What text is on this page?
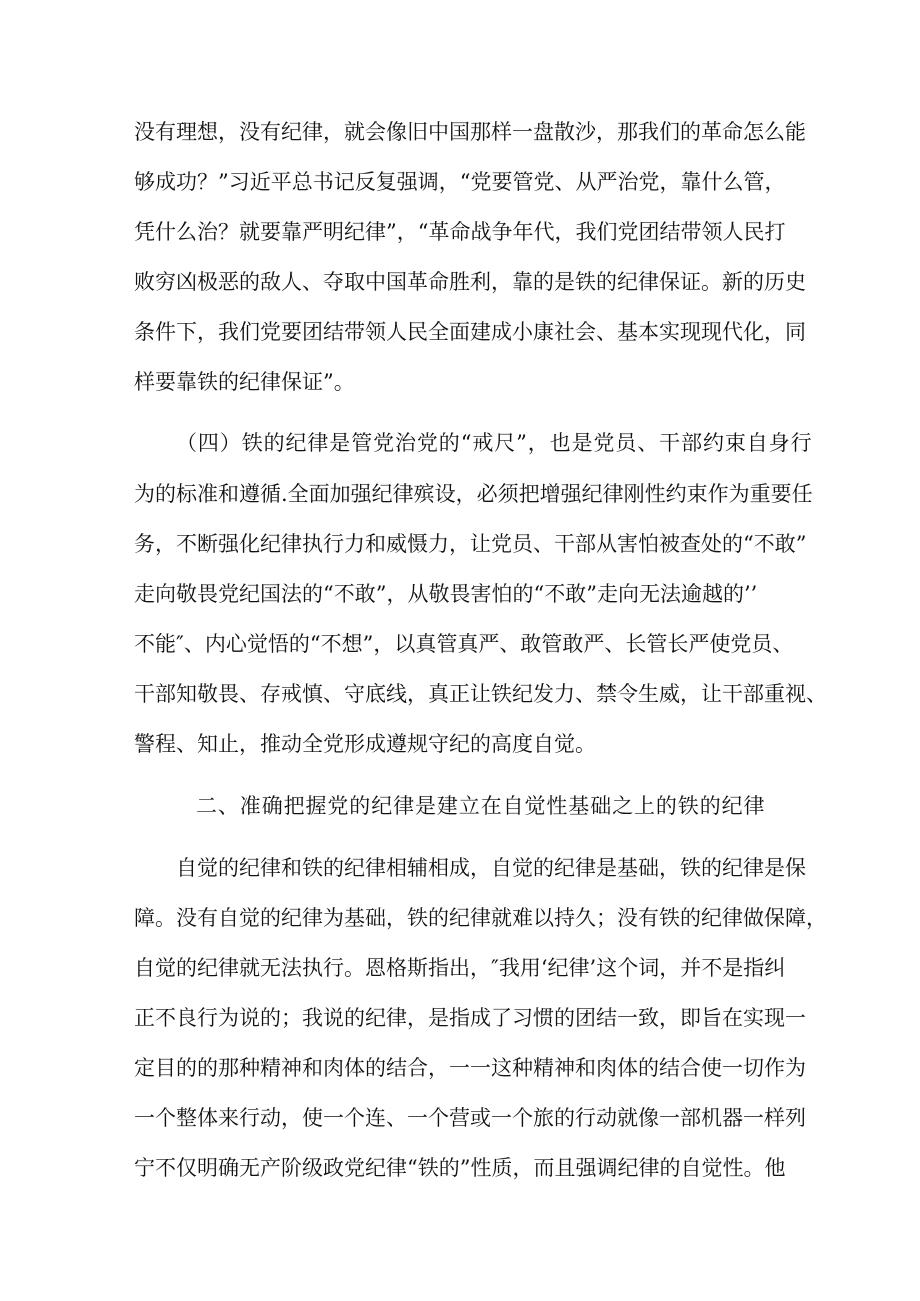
没有理想，没有纪律，就会像旧中国那样一盘散沙，那我们的革命怎么能
够成功？”习近平总书记反复强调，“党要管党、从严治党，靠什么管，
凭什么治？就要靠严明纪律”，“革命战争年代，我们党团结带领人民打
败穷凶极恶的敌人、夺取中国革命胜利，靠的是铁的纪律保证。新的历史
条件下，我们党要团结带领人民全面建成小康社会、基本实现现代化，同
样要靠铁的纪律保证”。
（四）铁的纪律是管党治党的“戒尺”，也是党员、干部约束自身行
为的标准和遵循.全面加强纪律殡设，必须把增强纪律刚性约束作为重要任
务，不断强化纪律执行力和威慑力，让党员、干部从害怕被查处的“不敢”
走向敬畏党纪国法的“不敢”，从敬畏害怕的“不敢”走向无法逾越的’’
不能″、内心觉悟的“不想”，以真管真严、敢管敢严、长管长严使党员、
干部知敬畏、存戒慎、守底线，真正让铁纪发力、禁令生威，让干部重视、
警程、知止，推动全党形成遵规守纪的高度自觉。
二、准确把握党的纪律是建立在自觉性基础之上的铁的纪律
自觉的纪律和铁的纪律相辅相成，自觉的纪律是基础，铁的纪律是保
障。没有自觉的纪律为基础，铁的纪律就难以持久；没有铁的纪律做保障，
自觉的纪律就无法执行。恩格斯指出，″我用‘纪律’这个词，并不是指纠
正不良行为说的；我说的纪律，是指成了习惯的团结一致，即旨在实现一
定目的的那种精神和肉体的结合，一一这种精神和肉体的结合使一切作为
一个整体来行动，使一个连、一个营或一个旅的行动就像一部机器一样列
宁不仅明确无产阶级政党纪律“铁的”性质，而且强调纪律的自觉性。他
